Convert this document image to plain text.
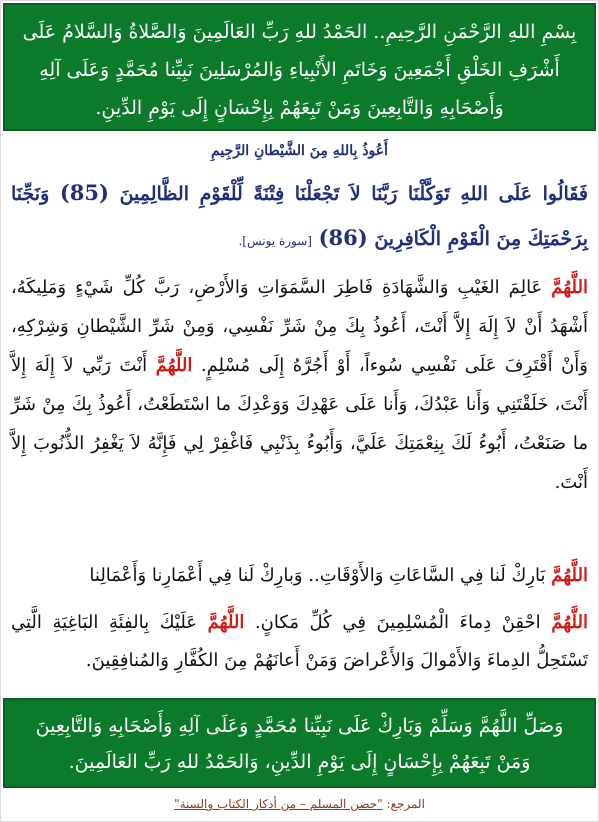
بِسْمِ اللهِ الرَّحْمَنِ الرَّحِيمِ.. الحَمْدُ للهِ رَبِّ العَالَمِينَ وَالصَّلاةُ وَالسَّلامُ عَلَى أَشْرَفِ الخَلْقِ أَجْمَعِينَ وَخَاتَمِ الأَنْبِياءِ وَالمُرْسَلِينَ نَبِيِّنا مُحَمَّدٍ وَعَلَى آلِهِ وَأَصْحَابِهِ وَالتَّابِعِينَ وَمَنْ تَبِعَهُمْ بِإِحْسَانٍ إِلَى يَوْمِ الدِّينِ.
أَعُوذُ بِاللهِ مِنَ الشَّيْطانِ الرَّجِيمِ
فَقَالُوا عَلَى اللهِ تَوَكَّلْنَا رَبَّنَا لاَ تَجْعَلْنَا فِتْنَةً لِّلْقَوْمِ الظَّالِمِينَ (85) وَنَجِّنَا بِرَحْمَتِكَ مِنَ الْقَوْمِ الْكَافِرِينَ (86) [سورة يونس].
اللَّهُمَّ عَالِمَ الغَيْبِ وَالشَّهَادَةِ فَاطِرَ السَّمَوَاتِ وَالأَرْضِ، رَبَّ كُلِّ شَيْءٍ وَمَلِيكَهُ، أَشْهَدُ أَنْ لاَ إِلَهَ إِلاَّ أَنْتَ، أَعُوذُ بِكَ مِنْ شَرِّ نَفْسِي، وَمِنْ شَرِّ الشَّيْطانِ وَشِرْكِهِ، وَأَنْ أَقْتَرِفَ عَلَى نَفْسِي سُوءاً، أَوْ أَجُرَّهُ إِلَى مُسْلِمٍ. اللَّهُمَّ أَنْتَ رَبِّي لاَ إِلَهَ إِلاَّ أَنْتَ، خَلَقْتَنِي وَأَنا عَبْدُكَ، وَأَنا عَلَى عَهْدِكَ وَوَعْدِكَ ما اسْتَطَعْتُ، أَعُوذُ بِكَ مِنْ شَرِّ ما صَنَعْتُ، أَبُوءُ لَكَ بِنِعْمَتِكَ عَلَيَّ، وَأَبُوءُ بِذَنْبِي فَاغْفِرْ لِي فَإِنَّهُ لاَ يَغْفِرُ الذُّنُوبَ إِلاَّ أَنْتَ.
اللَّهُمَّ بَارِكْ لَنا فِي السَّاعَاتِ وَالأَوْقَاتِ.. وَبارِكْ لَنا فِي أَعْمَارِنا وَأَعْمَالِنا
اللَّهُمَّ احْقِنْ دِماءَ الْمُسْلِمِينَ فِي كُلِّ مَكانٍ. اللَّهُمَّ عَلَيْكَ بِالفِئَةِ البَاغِيَةِ الَّتِي تَسْتَحِلُّ الدِماءَ وَالأَمْوالَ وَالأَعْراضَ وَمَنْ أَعانَهُمْ مِنَ الكُفَّارِ وَالمُنافِقِينَ.
وَصَلِّ اللَّهُمَّ وَسَلِّمْ وَبَارِكْ عَلَى نَبِيِّنا مُحَمَّدٍ وَعَلَى آلِهِ وَأَصْحَابِهِ وَالتَّابِعِينَ وَمَنْ تَبِعَهُمْ بِإِحْسَانٍ إِلَى يَوْمِ الدِّينِ، وَالحَمْدُ للهِ رَبِّ العَالَمِينَ.
المرجع: "حصن المسلم – من أذكار الكتاب والسنة"
